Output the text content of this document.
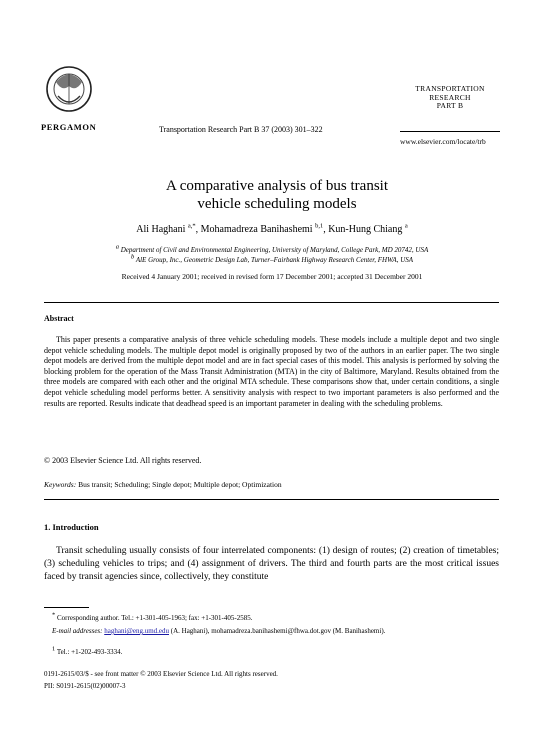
PERGAMON	Transportation Research Part B 37 (2003) 301–322
TRANSPORTATION
RESEARCH
PART B
www.elsevier.com/locate/trb
A comparative analysis of bus transit
vehicle scheduling models
Ali Haghani $^{a,*}$, Mohamadreza Banihashemi $^{b,1}$, Kun-Hung Chiang $^a$
$^a$ Department of Civil and Environmental Engineering, University of Maryland, College Park, MD 20742, USA
$^b$ AlE Group, Inc., Geometric Design Lab, Turner–Fairbank Highway Research Center, FHWA, USA
Received 4 January 2001; received in revised form 17 December 2001; accepted 31 December 2001
Abstract
This paper presents a comparative analysis of three vehicle scheduling models. These models include a multiple depot and two single depot vehicle scheduling models. The multiple depot model is originally proposed by two of the authors in an earlier paper. The two single depot models are derived from the multiple depot model and are in fact special cases of this model. This analysis is performed by solving the blocking problem for the operation of the Mass Transit Administration (MTA) in the city of Baltimore, Maryland. Results obtained from the three models are compared with each other and the original MTA schedule. These comparisons show that, under certain conditions, a single depot vehicle scheduling model performs better. A sensitivity analysis with respect to two important parameters is also performed and the results are reported. Results indicate that deadhead speed is an important parameter in dealing with the scheduling problems.
© 2003 Elsevier Science Ltd. All rights reserved.
Keywords: Bus transit; Scheduling; Single depot; Multiple depot; Optimization
1. Introduction
Transit scheduling usually consists of four interrelated components: (1) design of routes; (2) creation of timetables; (3) scheduling vehicles to trips; and (4) assignment of drivers. The third and fourth parts are the most critical issues faced by transit agencies since, collectively, they constitute
* Corresponding author. Tel.: +1-301-405-1963; fax: +1-301-405-2585.
E-mail addresses: haghani@eng.umd.edu (A. Haghani), mohamadreza.banihashemi@fhwa.dot.gov (M. Banihashemi).
$^1$ Tel.: +1-202-493-3334.
0191-2615/03/$ - see front matter © 2003 Elsevier Science Ltd. All rights reserved.
PII: S0191-2615(02)00007-3
